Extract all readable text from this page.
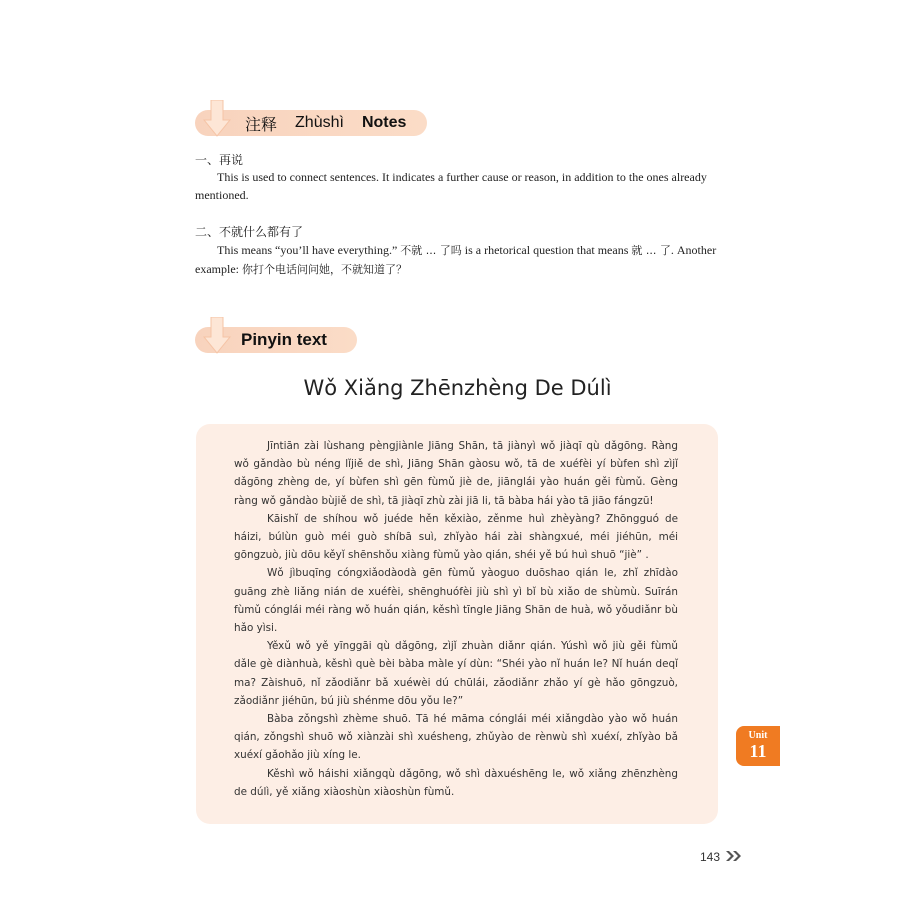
注释 Zhùshì Notes
一、再说
This is used to connect sentences. It indicates a further cause or reason, in addition to the ones already mentioned.
二、不就什么都有了
This means “you’ll have everything.” 不就 ... 了吗 is a rhetorical question that means 就 ... 了. Another example: 你打个电话问问她，不就知道了？
Pinyin text
Wǒ Xiǎng Zhēnzhèng De Dúlì

Jīntiān zài lùshang pèngjiànle Jiāng Shān, tā jiànyì wǒ jiàqī qù dǎgōng. Ràng wǒ gǎndào bù néng lǐjiě de shì, Jiāng Shān gàosu wǒ, tā de xuéfèi yí bùfen shì zìjǐ dǎgōng zhèng de, yí bùfen shì gēn fùmǔ jiè de, jiānglái yào huán gěi fùmǔ. Gèng ràng wǒ gǎndào bùjiě de shì, tā jiàqī zhù zài jiā li, tā bàba hái yào tā jiāo fángzū!

Kāishǐ de shíhou wǒ juéde hěn kěxiào, zěnme huì zhèyàng? Zhōngguó de háizi, búlùn guò méi guò shíbā suì, zhǐyào hái zài shàngxué, méi jiéhūn, méi gōngzuò, jiù dōu kěyǐ shēnshǒu xiàng fùmǔ yào qián, shéi yě bú huì shuō “jiè” .

Wǒ jìbuqīng cóngxiǎodàodà gēn fùmǔ yàoguo duōshao qián le, zhǐ zhīdào guāng zhè liǎng nián de xuéfèi, shēnghuófèi jiù shì yì bǐ bù xiǎo de shùmù. Suīrán fùmǔ cónglái méi ràng wǒ huán qián, kěshì tīngle Jiāng Shān de huà, wǒ yǒudiǎnr bù hǎo yìsi.

Yěxǔ wǒ yě yīnggāi qù dǎgōng, zìjǐ zhuàn diǎnr qián. Yúshì wǒ jiù gěi fùmǔ dǎle gè diànhuà, kěshì què bèi bàba màle yí dùn: “Shéi yào nǐ huán le? Nǐ huán deqǐ ma? Zàishuō, nǐ zǎodiǎnr bǎ xuéwèi dú chūlái, zǎodiǎnr zhǎo yí gè hǎo gōngzuò, zǎodiǎnr jiéhūn, bú jiù shénme dōu yǒu le?”

Bàba zǒngshì zhème shuō. Tā hé māma cónglái méi xiǎngdào yào wǒ huán qián, zǒngshì shuō wǒ xiànzài shì xuésheng, zhǔyào de rènwù shì xuéxí, zhǐyào bǎ xuéxí gǎohǎo jiù xíng le.

Kěshì wǒ háishi xiǎngqù dǎgōng, wǒ shì dàxuéshēng le, wǒ xiǎng zhēnzhèng de dúlì, yě xiǎng xiàoshùn xiàoshùn fùmǔ.

Unit
11
143
